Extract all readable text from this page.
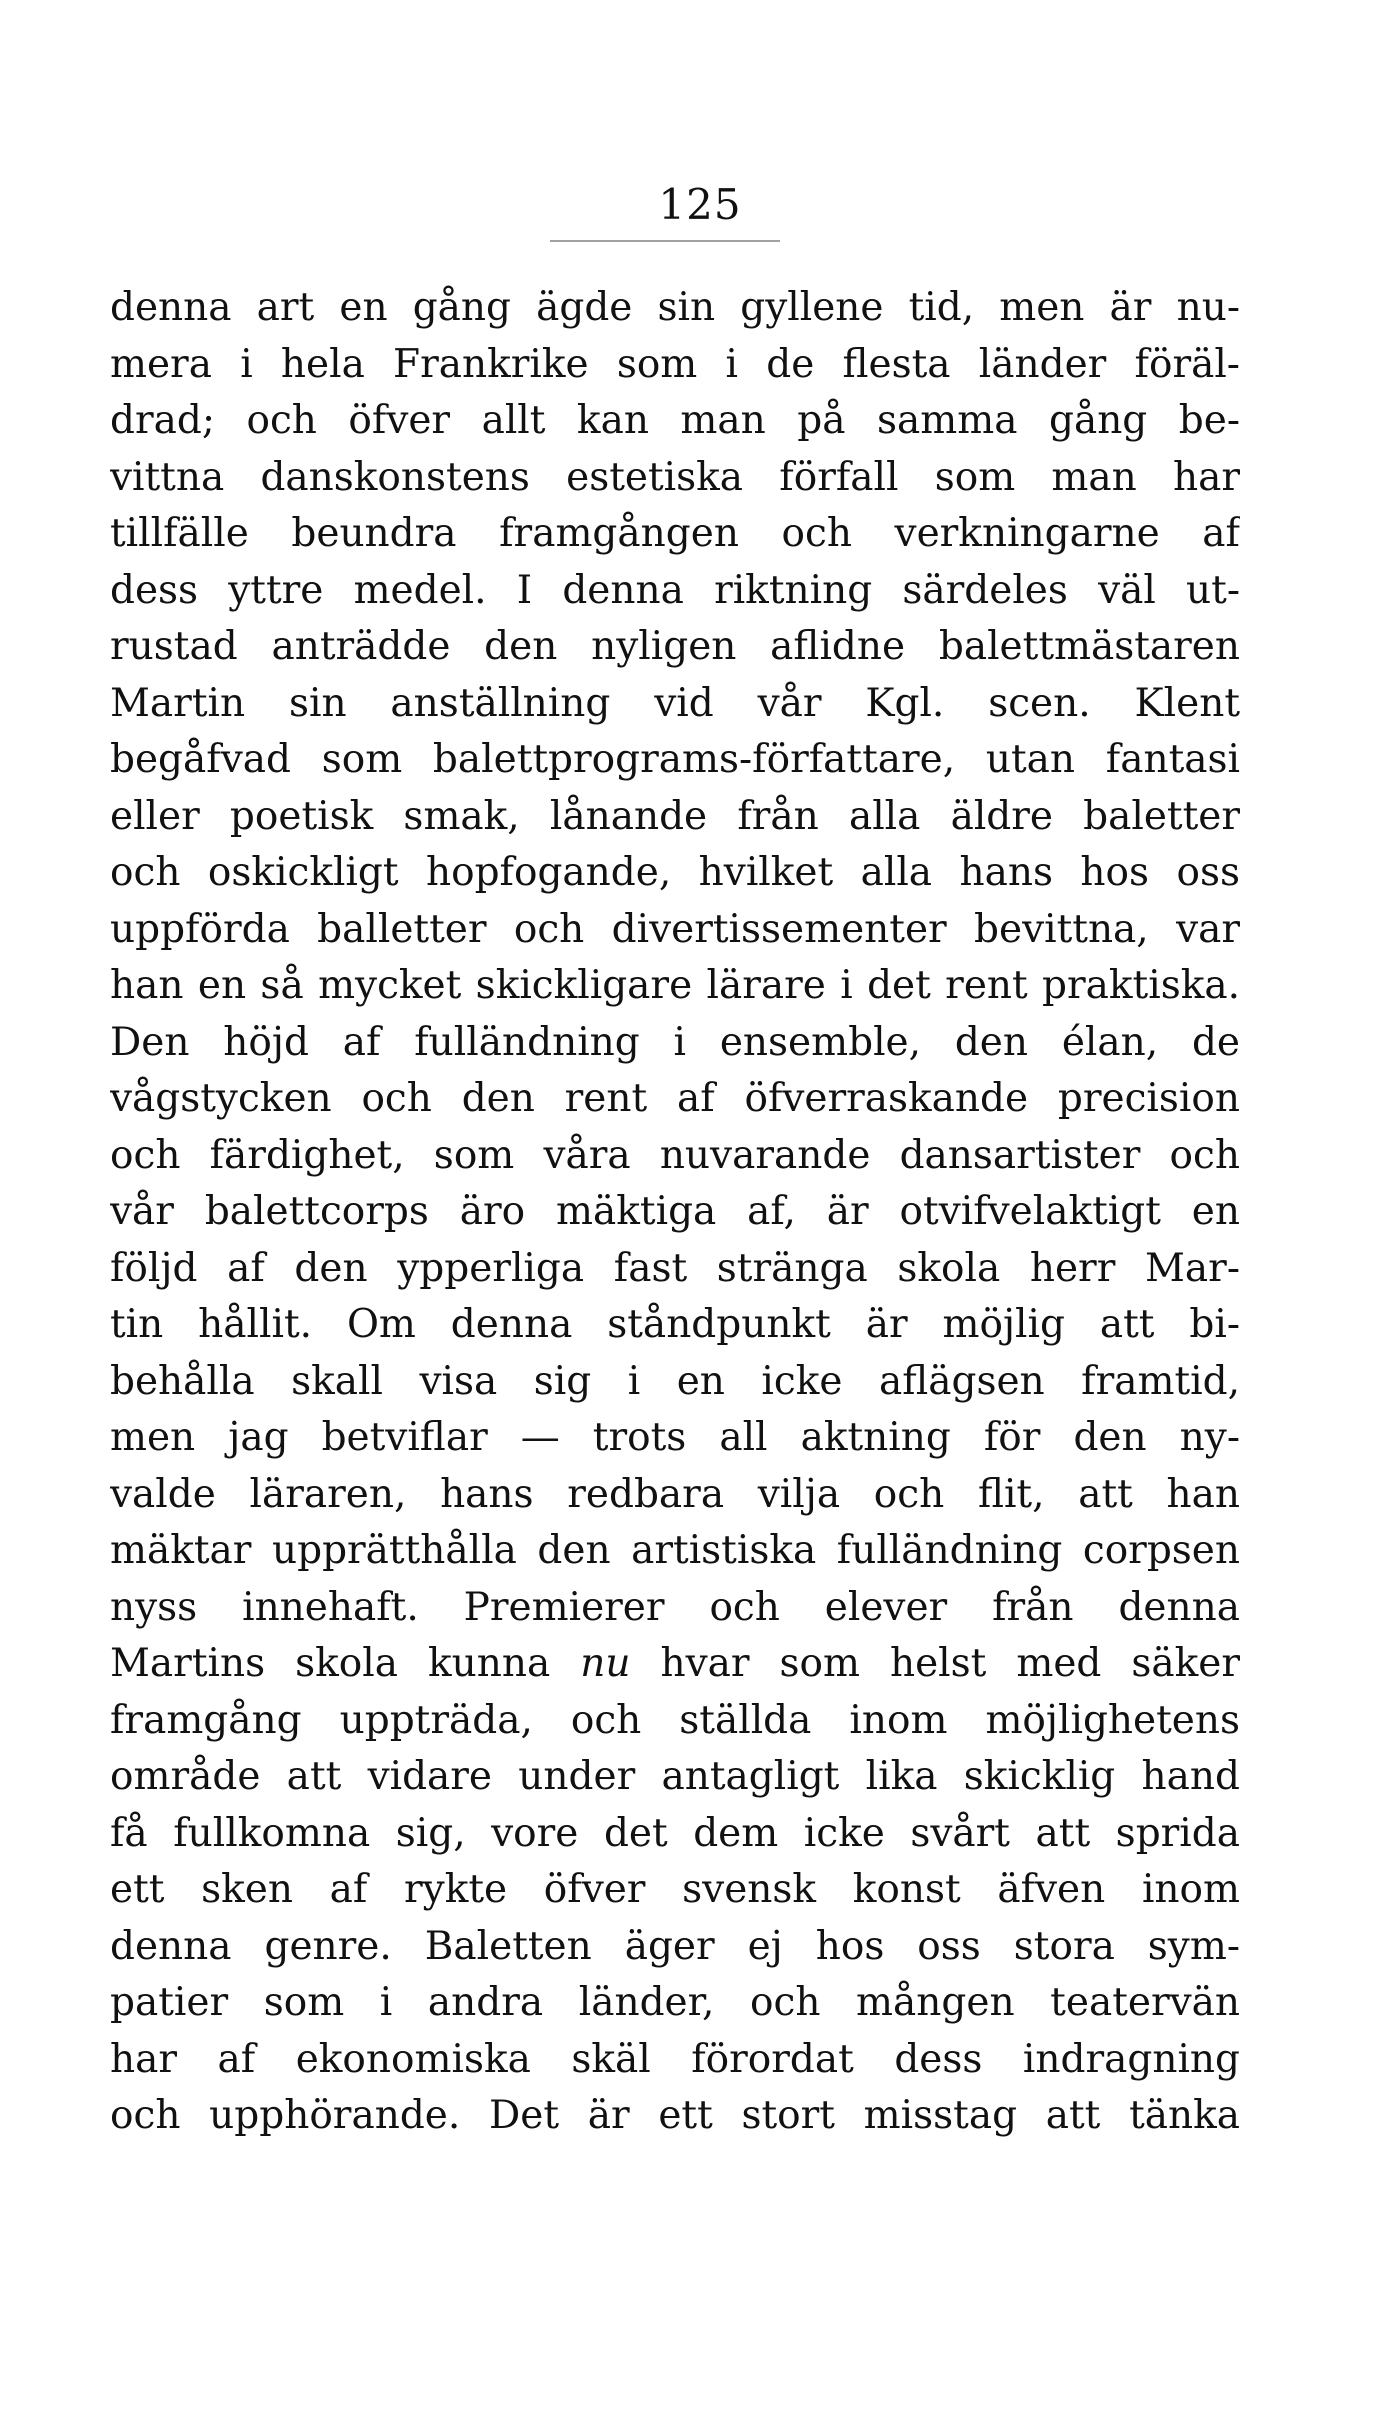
125
denna art en gång ägde sin gyllene tid, men är nu-
mera i hela Frankrike som i de flesta länder föräl-
drad; och öfver allt kan man på samma gång be-
vittna danskonstens estetiska förfall som man har
tillfälle beundra framgången och verkningarne af
dess yttre medel. I denna riktning särdeles väl ut-
rustad anträdde den nyligen aflidne balettmästaren
Martin sin anställning vid vår Kgl. scen. Klent
begåfvad som balettprograms-författare, utan fantasi
eller poetisk smak, lånande från alla äldre baletter
och oskickligt hopfogande, hvilket alla hans hos oss
uppförda balletter och divertissementer bevittna, var
han en så mycket skickligare lärare i det rent praktiska.
Den höjd af fulländning i ensemble, den élan, de
vågstycken och den rent af öfverraskande precision
och färdighet, som våra nuvarande dansartister och
vår balettcorps äro mäktiga af, är otvifvelaktigt en
följd af den ypperliga fast stränga skola herr Mar-
tin hållit. Om denna ståndpunkt är möjlig att bi-
behålla skall visa sig i en icke aflägsen framtid,
men jag betviflar — trots all aktning för den ny-
valde läraren, hans redbara vilja och flit, att han
mäktar upprätthålla den artistiska fulländning corpsen
nyss innehaft. Premierer och elever från denna
Martins skola kunna nu hvar som helst med säker
framgång uppträda, och ställda inom möjlighetens
område att vidare under antagligt lika skicklig hand
få fullkomna sig, vore det dem icke svårt att sprida
ett sken af rykte öfver svensk konst äfven inom
denna genre. Baletten äger ej hos oss stora sym-
patier som i andra länder, och mången teatervän
har af ekonomiska skäl förordat dess indragning
och upphörande. Det är ett stort misstag att tänka
